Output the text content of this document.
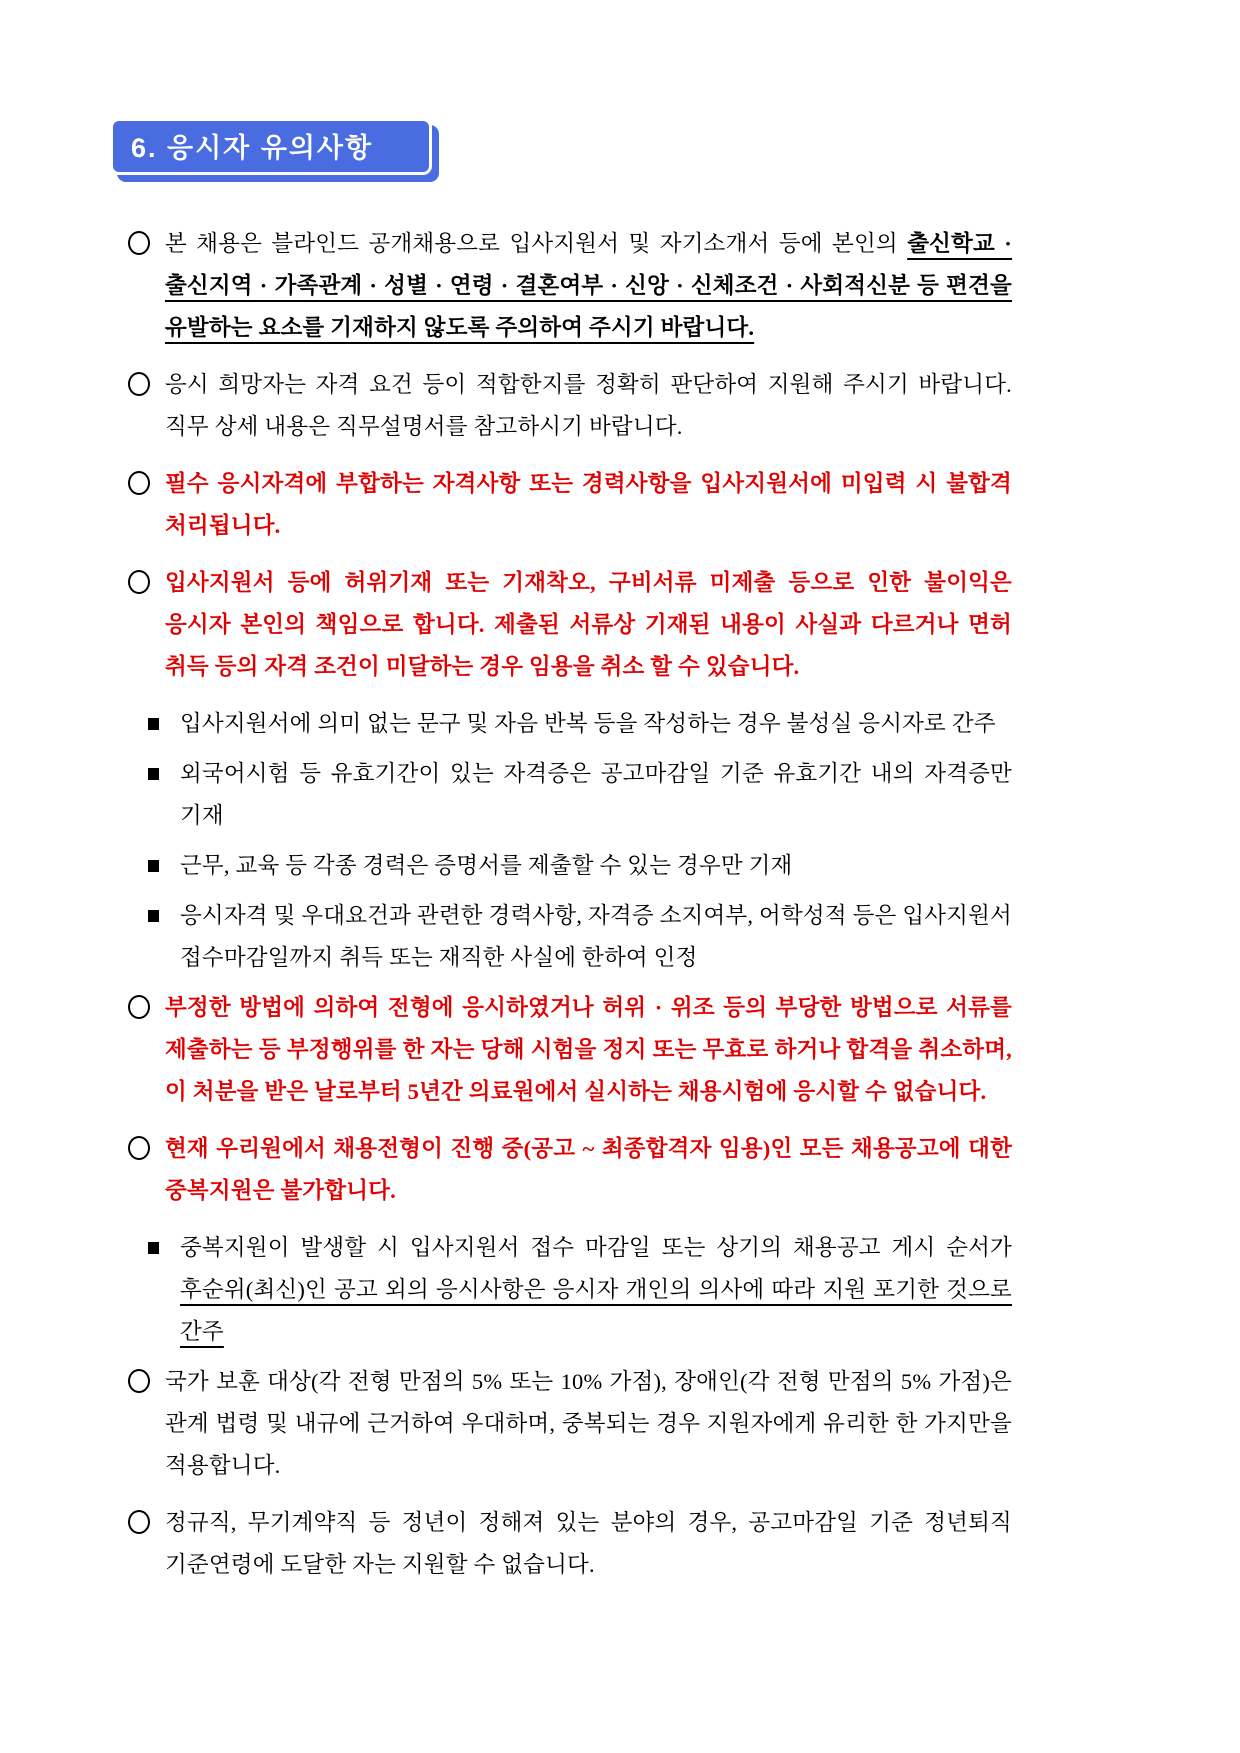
6. 응시자 유의사항
본 채용은 블라인드 공개채용으로 입사지원서 및 자기소개서 등에 본인의 출신학교 · 출신지역 · 가족관계 · 성별 · 연령 · 결혼여부 · 신앙 · 신체조건 · 사회적신분 등 편견을 유발하는 요소를 기재하지 않도록 주의하여 주시기 바랍니다.
응시 희망자는 자격 요건 등이 적합한지를 정확히 판단하여 지원해 주시기 바랍니다. 직무 상세 내용은 직무설명서를 참고하시기 바랍니다.
필수 응시자격에 부합하는 자격사항 또는 경력사항을 입사지원서에 미입력 시 불합격 처리됩니다.
입사지원서 등에 허위기재 또는 기재착오, 구비서류 미제출 등으로 인한 불이익은 응시자 본인의 책임으로 합니다. 제출된 서류상 기재된 내용이 사실과 다르거나 면허 취득 등의 자격 조건이 미달하는 경우 임용을 취소 할 수 있습니다.
입사지원서에 의미 없는 문구 및 자음 반복 등을 작성하는 경우 불성실 응시자로 간주
외국어시험 등 유효기간이 있는 자격증은 공고마감일 기준 유효기간 내의 자격증만 기재
근무, 교육 등 각종 경력은 증명서를 제출할 수 있는 경우만 기재
응시자격 및 우대요건과 관련한 경력사항, 자격증 소지여부, 어학성적 등은 입사지원서 접수마감일까지 취득 또는 재직한 사실에 한하여 인정
부정한 방법에 의하여 전형에 응시하였거나 허위 · 위조 등의 부당한 방법으로 서류를 제출하는 등 부정행위를 한 자는 당해 시험을 정지 또는 무효로 하거나 합격을 취소하며, 이 처분을 받은 날로부터 5년간 의료원에서 실시하는 채용시험에 응시할 수 없습니다.
현재 우리원에서 채용전형이 진행 중(공고 ~ 최종합격자 임용)인 모든 채용공고에 대한 중복지원은 불가합니다.
중복지원이 발생할 시 입사지원서 접수 마감일 또는 상기의 채용공고 게시 순서가 후순위(최신)인 공고 외의 응시사항은 응시자 개인의 의사에 따라 지원 포기한 것으로 간주
국가 보훈 대상(각 전형 만점의 5% 또는 10% 가점), 장애인(각 전형 만점의 5% 가점)은 관계 법령 및 내규에 근거하여 우대하며, 중복되는 경우 지원자에게 유리한 한 가지만을 적용합니다.
정규직, 무기계약직 등 정년이 정해져 있는 분야의 경우, 공고마감일 기준 정년퇴직 기준연령에 도달한 자는 지원할 수 없습니다.
